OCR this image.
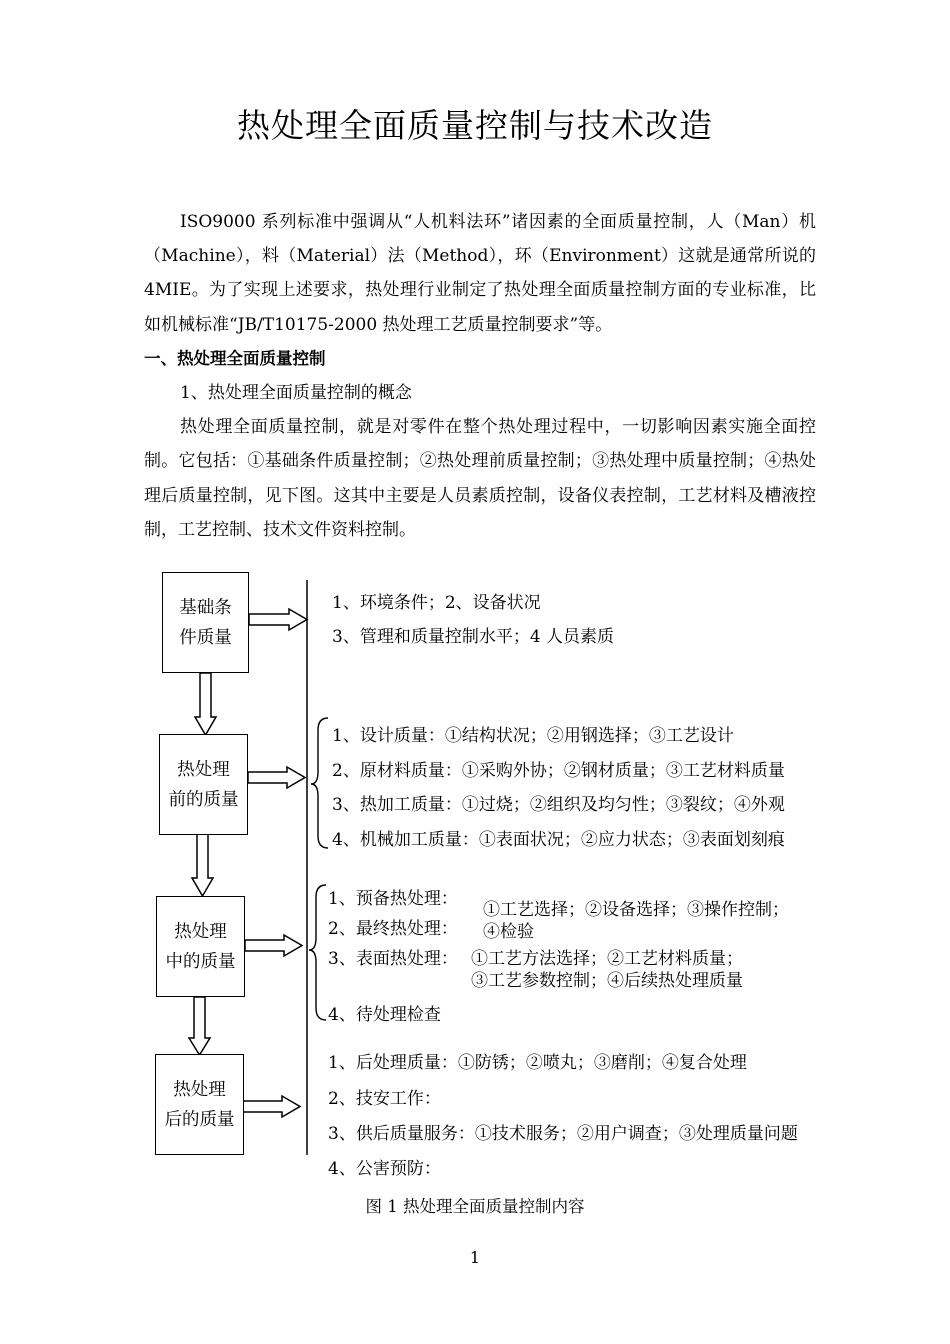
热处理全面质量控制与技术改造

ISO9000 系列标准中强调从“人机料法环”诸因素的全面质量控制，人（Man）机（Machine），料（Material）法（Method），环（Environment）这就是通常所说的 4MIE。为了实现上述要求，热处理行业制定了热处理全面质量控制方面的专业标准，比如机械标准“JB/T10175-2000 热处理工艺质量控制要求”等。

一、热处理全面质量控制

1、热处理全面质量控制的概念

热处理全面质量控制，就是对零件在整个热处理过程中，一切影响因素实施全面控制。它包括：①基础条件质量控制；②热处理前质量控制；③热处理中质量控制；④热处理后质量控制，见下图。这其中主要是人员素质控制，设备仪表控制，工艺材料及槽液控制，工艺控制、技术文件资料控制。

基础条
件质量
热处理
前的质量
热处理
中的质量
热处理
后的质量
1、环境条件；2、设备状况
3、管理和质量控制水平；4 人员素质
1、设计质量：①结构状况；②用钢选择；③工艺设计
2、原材料质量：①采购外协；②钢材质量；③工艺材料质量
3、热加工质量：①过烧；②组织及均匀性；③裂纹；④外观
4、机械加工质量：①表面状况；②应力状态；③表面划刻痕
1、预备热处理：
2、最终热处理：
①工艺选择；②设备选择；③操作控制；
④检验
3、表面热处理： ①工艺方法选择；②工艺材料质量；
③工艺参数控制；④后续热处理质量
4、待处理检查
1、后处理质量：①防锈；②喷丸；③磨削；④复合处理
2、技安工作：
3、供后质量服务：①技术服务；②用户调查；③处理质量问题
4、公害预防：
图 1 热处理全面质量控制内容
1
